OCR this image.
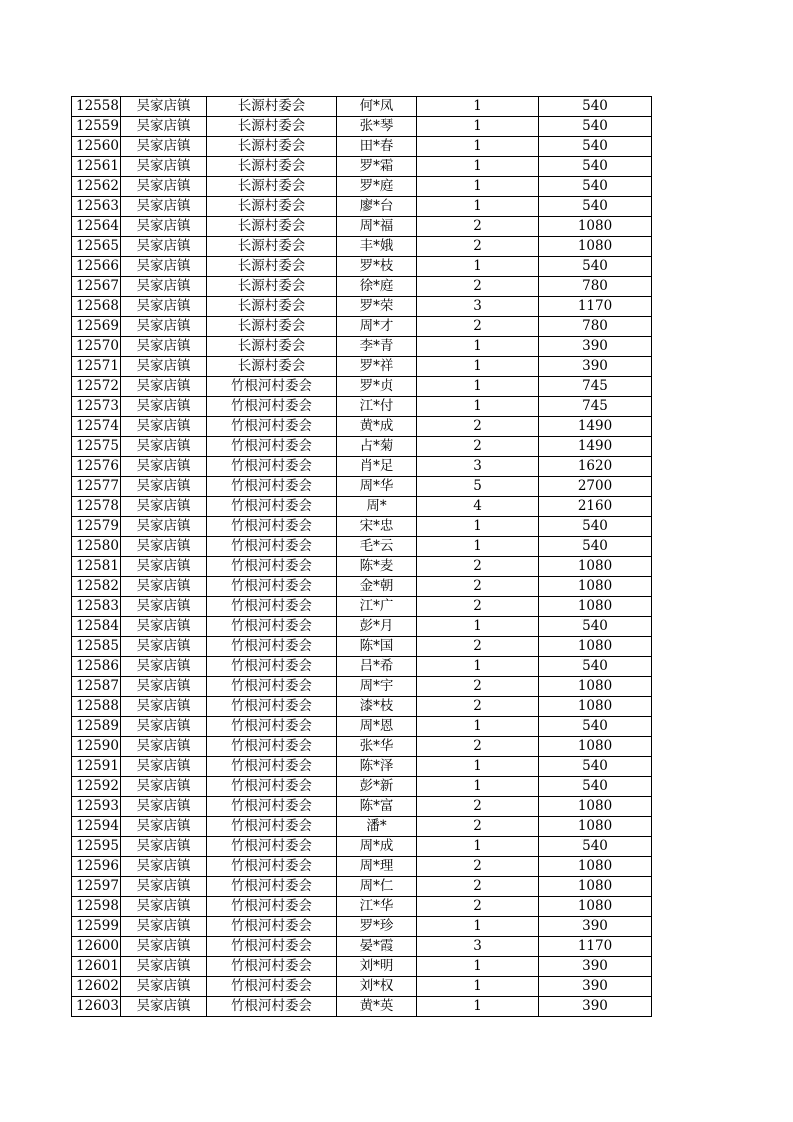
12558	吴家店镇	长源村委会	何*凤	1	540
12559	吴家店镇	长源村委会	张*琴	1	540
12560	吴家店镇	长源村委会	田*春	1	540
12561	吴家店镇	长源村委会	罗*霜	1	540
12562	吴家店镇	长源村委会	罗*庭	1	540
12563	吴家店镇	长源村委会	廖*台	1	540
12564	吴家店镇	长源村委会	周*福	2	1080
12565	吴家店镇	长源村委会	丰*娥	2	1080
12566	吴家店镇	长源村委会	罗*枝	1	540
12567	吴家店镇	长源村委会	徐*庭	2	780
12568	吴家店镇	长源村委会	罗*荣	3	1170
12569	吴家店镇	长源村委会	周*才	2	780
12570	吴家店镇	长源村委会	李*青	1	390
12571	吴家店镇	长源村委会	罗*祥	1	390
12572	吴家店镇	竹根河村委会	罗*贞	1	745
12573	吴家店镇	竹根河村委会	江*付	1	745
12574	吴家店镇	竹根河村委会	黄*成	2	1490
12575	吴家店镇	竹根河村委会	占*菊	2	1490
12576	吴家店镇	竹根河村委会	肖*足	3	1620
12577	吴家店镇	竹根河村委会	周*华	5	2700
12578	吴家店镇	竹根河村委会	周*	4	2160
12579	吴家店镇	竹根河村委会	宋*忠	1	540
12580	吴家店镇	竹根河村委会	毛*云	1	540
12581	吴家店镇	竹根河村委会	陈*麦	2	1080
12582	吴家店镇	竹根河村委会	金*朝	2	1080
12583	吴家店镇	竹根河村委会	江*广	2	1080
12584	吴家店镇	竹根河村委会	彭*月	1	540
12585	吴家店镇	竹根河村委会	陈*国	2	1080
12586	吴家店镇	竹根河村委会	吕*希	1	540
12587	吴家店镇	竹根河村委会	周*宇	2	1080
12588	吴家店镇	竹根河村委会	漆*枝	2	1080
12589	吴家店镇	竹根河村委会	周*恩	1	540
12590	吴家店镇	竹根河村委会	张*华	2	1080
12591	吴家店镇	竹根河村委会	陈*泽	1	540
12592	吴家店镇	竹根河村委会	彭*新	1	540
12593	吴家店镇	竹根河村委会	陈*富	2	1080
12594	吴家店镇	竹根河村委会	潘*	2	1080
12595	吴家店镇	竹根河村委会	周*成	1	540
12596	吴家店镇	竹根河村委会	周*理	2	1080
12597	吴家店镇	竹根河村委会	周*仁	2	1080
12598	吴家店镇	竹根河村委会	江*华	2	1080
12599	吴家店镇	竹根河村委会	罗*珍	1	390
12600	吴家店镇	竹根河村委会	晏*霞	3	1170
12601	吴家店镇	竹根河村委会	刘*明	1	390
12602	吴家店镇	竹根河村委会	刘*权	1	390
12603	吴家店镇	竹根河村委会	黄*英	1	390
